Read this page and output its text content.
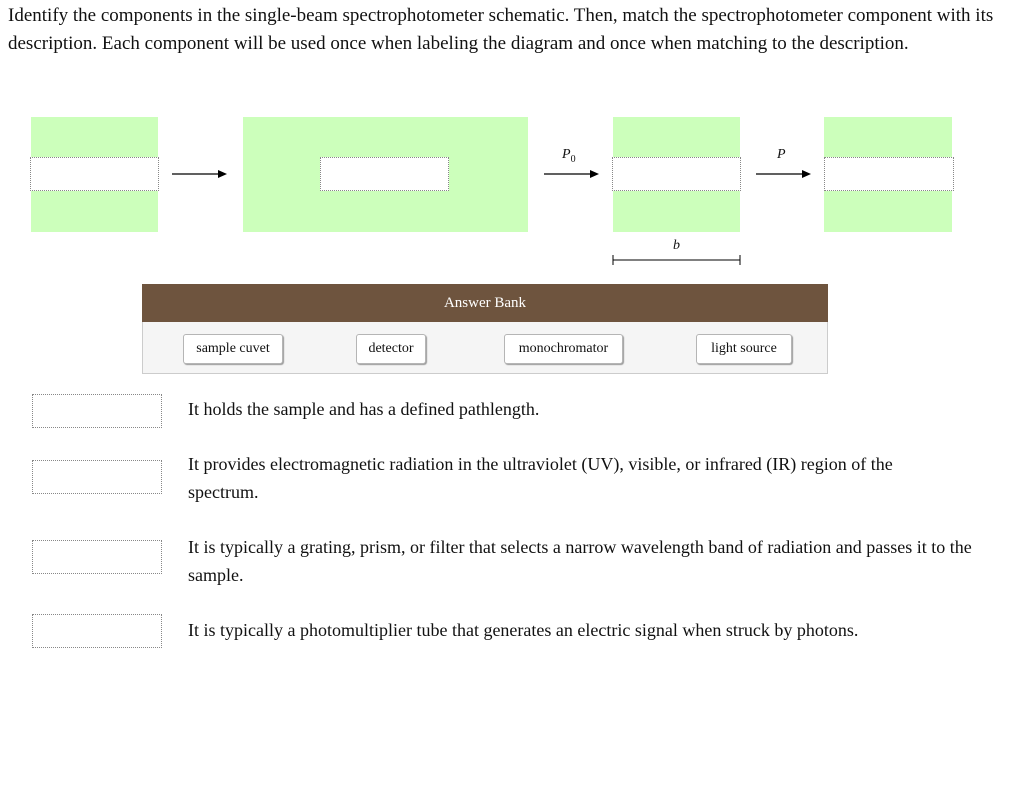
Identify the components in the single-beam spectrophotometer schematic. Then, match the spectrophotometer component with its description. Each component will be used once when labeling the diagram and once when matching to the description.

$P_0$	P
b
Answer Bank
sample cuvet	detector	monochromator	light source

It holds the sample and has a defined pathlength.

It provides electromagnetic radiation in the ultraviolet (UV), visible, or infrared (IR) region of the spectrum.

It is typically a grating, prism, or filter that selects a narrow wavelength band of radiation and passes it to the sample.

It is typically a photomultiplier tube that generates an electric signal when struck by photons.
